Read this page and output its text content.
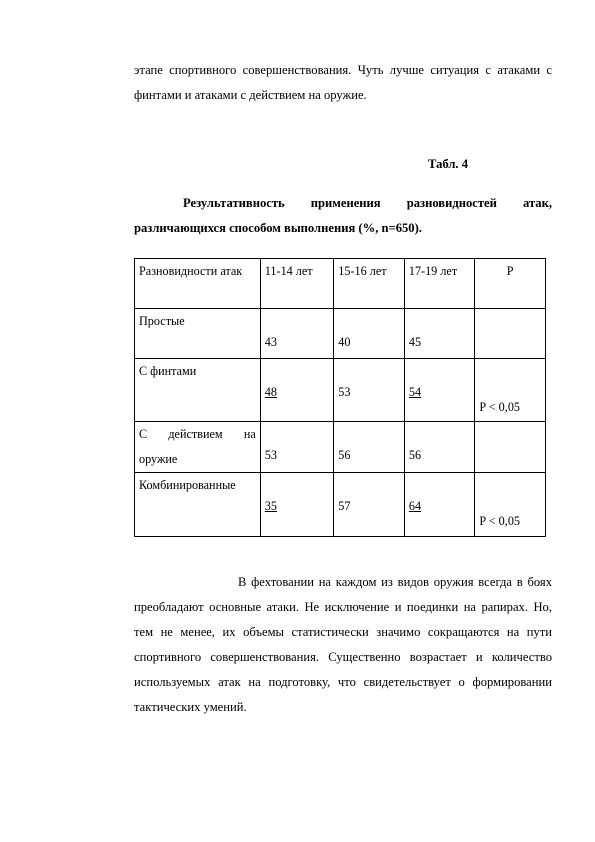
этапе спортивного совершенствования. Чуть лучше ситуация с атаками с финтами и атаками с действием на оружие.
Табл. 4
Результативность применения разновидностей атак, различающихся способом выполнения (%, n=650).
Разновидности атак	11-14 лет	15-16 лет	17-19 лет	Р
Простые	43	40	45	
С финтами	48	53	54	P < 0,05
С действием на оружие	53	56	56	
Комбинированные	35	57	64	P < 0,05
В фехтовании на каждом из видов оружия всегда в боях преобладают основные атаки. Не исключение и поединки на рапирах. Но, тем не менее, их объемы статистически значимо сокращаются на пути спортивного совершенствования. Существенно возрастает и количество используемых атак на подготовку, что свидетельствует о формировании тактических умений.
